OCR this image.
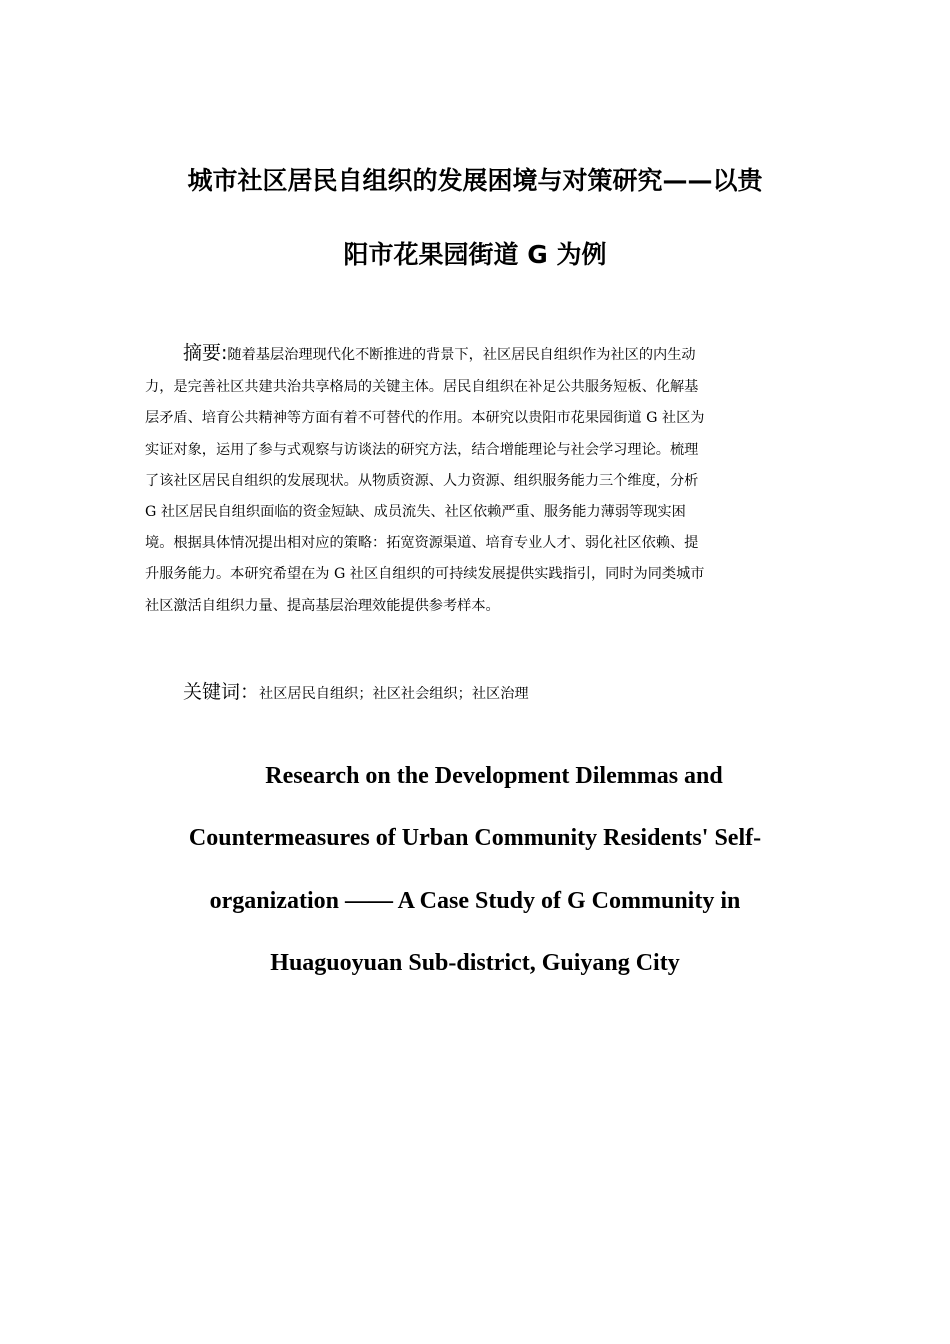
城市社区居民自组织的发展困境与对策研究——以贵
阳市花果园街道 G 为例
摘要:随着基层治理现代化不断推进的背景下，社区居民自组织作为社区的内生动
力，是完善社区共建共治共享格局的关键主体。居民自组织在补足公共服务短板、化解基
层矛盾、培育公共精神等方面有着不可替代的作用。本研究以贵阳市花果园街道 G 社区为
实证对象，运用了参与式观察与访谈法的研究方法，结合增能理论与社会学习理论。梳理
了该社区居民自组织的发展现状。从物质资源、人力资源、组织服务能力三个维度，分析
G 社区居民自组织面临的资金短缺、成员流失、社区依赖严重、服务能力薄弱等现实困
境。根据具体情况提出相对应的策略：拓宽资源渠道、培育专业人才、弱化社区依赖、提
升服务能力。本研究希望在为 G 社区自组织的可持续发展提供实践指引，同时为同类城市
社区激活自组织力量、提高基层治理效能提供参考样本。
关键词：社区居民自组织；社区社会组织；社区治理
Research on the Development Dilemmas and
Countermeasures of Urban Community Residents' Self-
organization —— A Case Study of G Community in
Huaguoyuan Sub-district, Guiyang City
